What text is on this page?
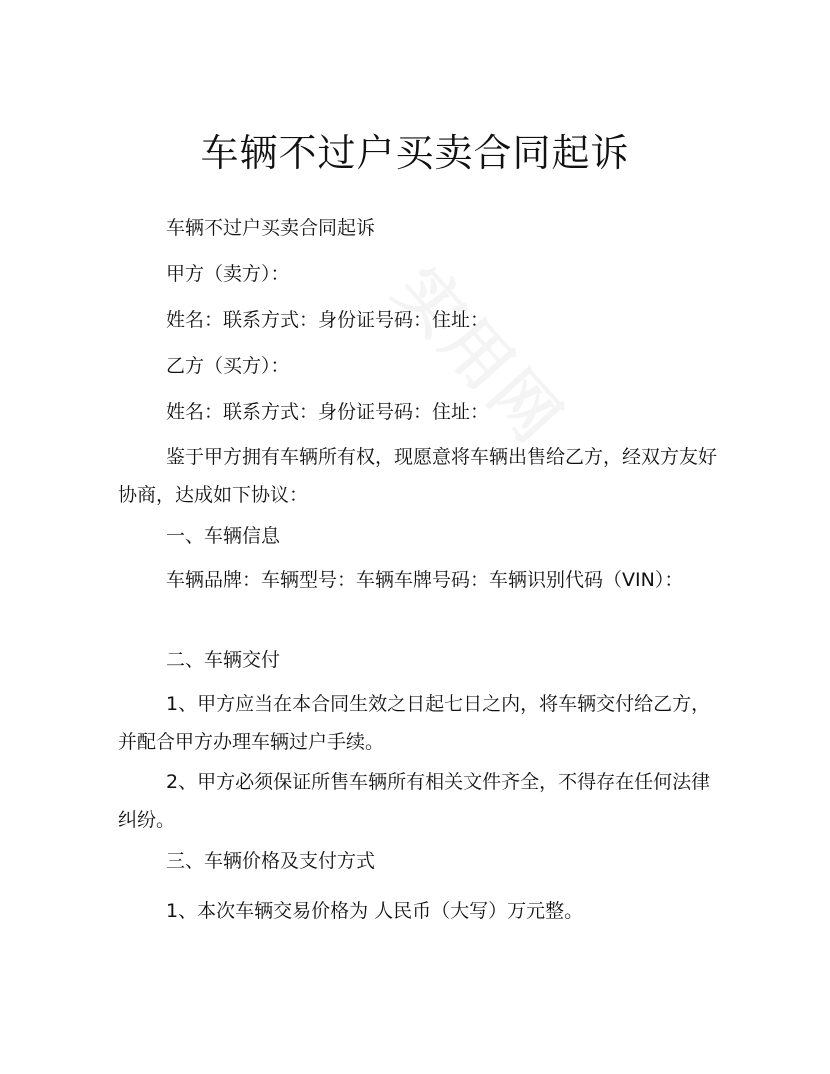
车辆不过户买卖合同起诉
车辆不过户买卖合同起诉
甲方（卖方）：
姓名：联系方式：身份证号码：住址：
乙方（买方）：
姓名：联系方式：身份证号码：住址：
鉴于甲方拥有车辆所有权，现愿意将车辆出售给乙方，经双方友好协商，达成如下协议：
一、车辆信息
车辆品牌：车辆型号：车辆车牌号码：车辆识别代码（VIN）：
二、车辆交付
1、甲方应当在本合同生效之日起七日之内，将车辆交付给乙方，并配合甲方办理车辆过户手续。
2、甲方必须保证所售车辆所有相关文件齐全，不得存在任何法律纠纷。
三、车辆价格及支付方式
1、本次车辆交易价格为 人民币（大写）万元整。
